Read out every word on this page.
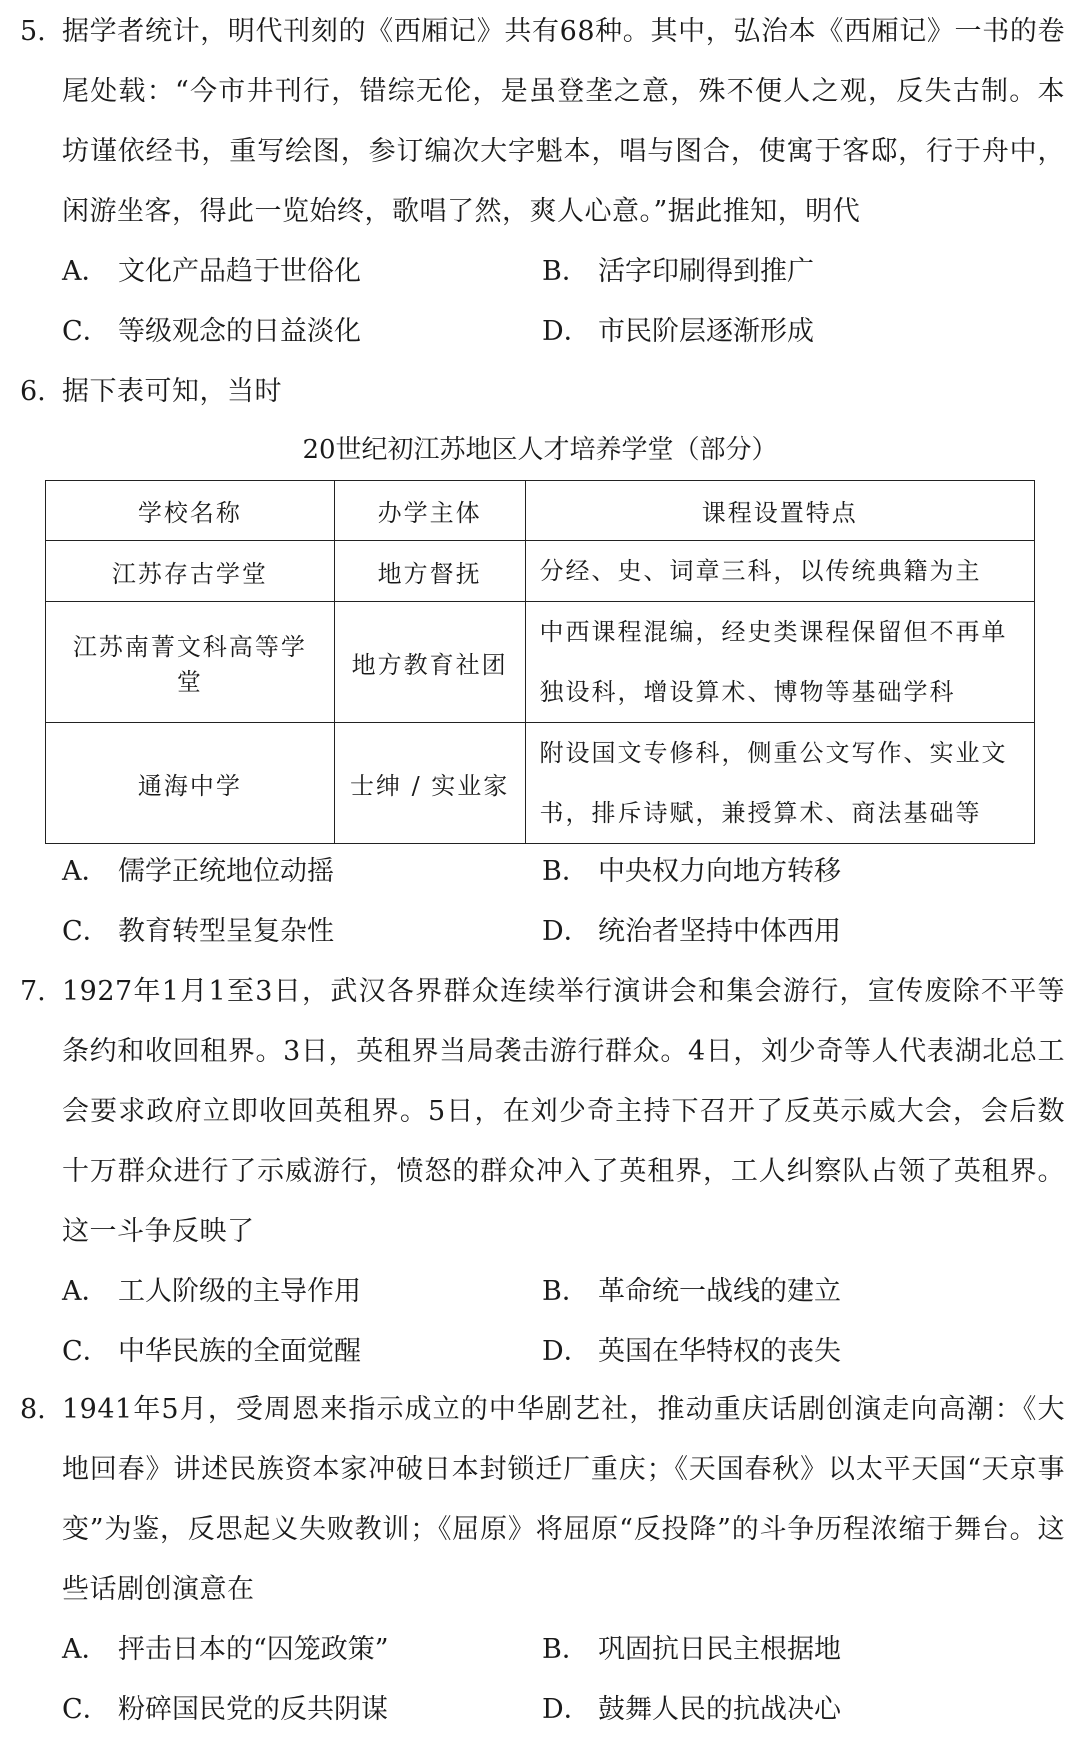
5. 据学者统计，明代刊刻的《西厢记》共有68种。其中，弘治本《西厢记》一书的卷尾处载：“今市井刊行，错综无伦，是虽登垄之意，殊不便人之观，反失古制。本坊谨依经书，重写绘图，参订编次大字魁本，唱与图合，使寓于客邸，行于舟中，闲游坐客，得此一览始终，歌唱了然，爽人心意。”据此推知，明代
A． 文化产品趋于世俗化	B． 活字印刷得到推广
C． 等级观念的日益淡化	D． 市民阶层逐渐形成
6. 据下表可知，当时
20世纪初江苏地区人才培养学堂（部分）
学校名称	办学主体	课程设置特点
江苏存古学堂	地方督抚	分经、史、词章三科，以传统典籍为主
江苏南菁文科高等学堂	地方教育社团	中西课程混编，经史类课程保留但不再单独设科，增设算术、博物等基础学科
通海中学	士绅 / 实业家	附设国文专修科，侧重公文写作、实业文书，排斥诗赋，兼授算术、商法基础等
A． 儒学正统地位动摇	B． 中央权力向地方转移
C． 教育转型呈复杂性	D． 统治者坚持中体西用
7. 1927年1月1至3日，武汉各界群众连续举行演讲会和集会游行，宣传废除不平等条约和收回租界。3日，英租界当局袭击游行群众。4日，刘少奇等人代表湖北总工会要求政府立即收回英租界。5日，在刘少奇主持下召开了反英示威大会，会后数十万群众进行了示威游行，愤怒的群众冲入了英租界，工人纠察队占领了英租界。这一斗争反映了
A． 工人阶级的主导作用	B． 革命统一战线的建立
C． 中华民族的全面觉醒	D． 英国在华特权的丧失
8. 1941年5月，受周恩来指示成立的中华剧艺社，推动重庆话剧创演走向高潮：《大地回春》讲述民族资本家冲破日本封锁迁厂重庆；《天国春秋》以太平天国“天京事变”为鉴，反思起义失败教训；《屈原》将屈原“反投降”的斗争历程浓缩于舞台。这些话剧创演意在
A． 抨击日本的“囚笼政策”	B． 巩固抗日民主根据地
C． 粉碎国民党的反共阴谋	D． 鼓舞人民的抗战决心
